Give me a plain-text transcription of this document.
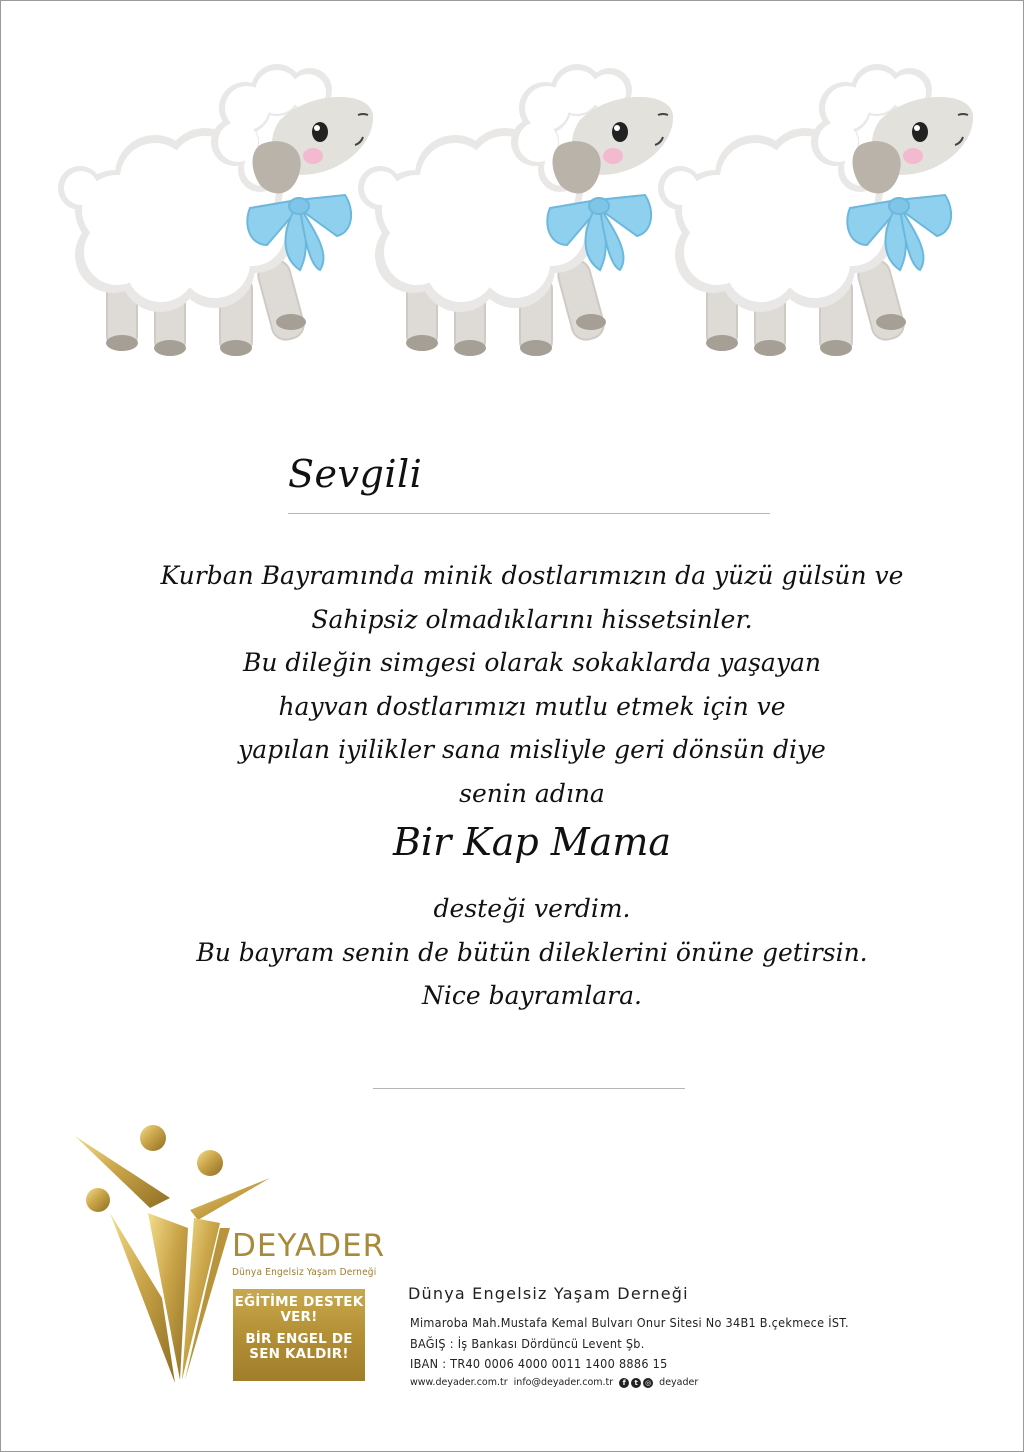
Sevgili
Kurban Bayramında minik dostlarımızın da yüzü gülsün ve
Sahipsiz olmadıklarını hissetsinler.
Bu dileğin simgesi olarak sokaklarda yaşayan
hayvan dostlarımızı mutlu etmek için ve
yapılan iyilikler sana misliyle geri dönsün diye
senin adına
Bir Kap Mama
desteği verdim.
Bu bayram senin de bütün dileklerini önüne getirsin.
Nice bayramlara.
DEYADER
Dünya Engelsiz Yaşam Derneği
EĞİTİME DESTEK VER!
BİR ENGEL DE SEN KALDIR!
Dünya Engelsiz Yaşam Derneği
Mimaroba Mah.Mustafa Kemal Bulvarı Onur Sitesi No 34B1 B.çekmece İST.
BAĞIŞ : İş Bankası Dördüncü Levent Şb.
IBAN : TR40 0006 4000 0011 1400 8886 15
www.deyader.com.tr info@deyader.com.tr	f	t	◎ deyader
